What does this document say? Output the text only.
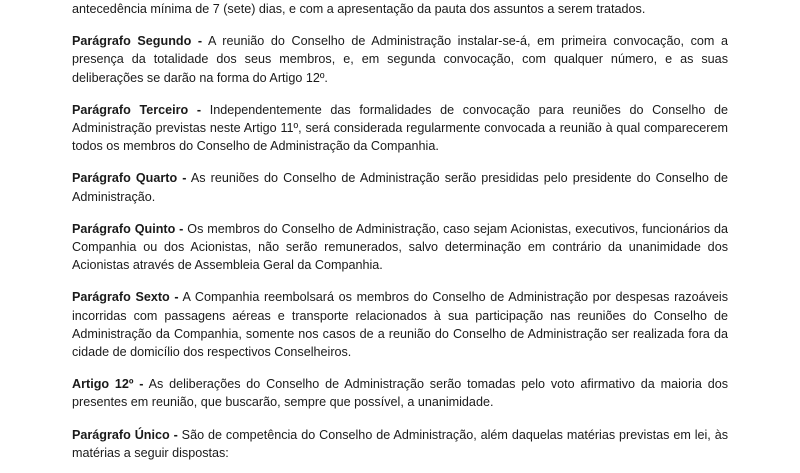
antecedência mínima de 7 (sete) dias, e com a apresentação da pauta dos assuntos a serem tratados.

Parágrafo Segundo - A reunião do Conselho de Administração instalar-se-á, em primeira convocação, com a presença da totalidade dos seus membros, e, em segunda convocação, com qualquer número, e as suas deliberações se darão na forma do Artigo 12º.

Parágrafo Terceiro - Independentemente das formalidades de convocação para reuniões do Conselho de Administração previstas neste Artigo 11º, será considerada regularmente convocada a reunião à qual comparecerem todos os membros do Conselho de Administração da Companhia.

Parágrafo Quarto - As reuniões do Conselho de Administração serão presididas pelo presidente do Conselho de Administração.

Parágrafo Quinto - Os membros do Conselho de Administração, caso sejam Acionistas, executivos, funcionários da Companhia ou dos Acionistas, não serão remunerados, salvo determinação em contrário da unanimidade dos Acionistas através de Assembleia Geral da Companhia.

Parágrafo Sexto - A Companhia reembolsará os membros do Conselho de Administração por despesas razoáveis incorridas com passagens aéreas e transporte relacionados à sua participação nas reuniões do Conselho de Administração da Companhia, somente nos casos de a reunião do Conselho de Administração ser realizada fora da cidade de domicílio dos respectivos Conselheiros.

Artigo 12º - As deliberações do Conselho de Administração serão tomadas pelo voto afirmativo da maioria dos presentes em reunião, que buscarão, sempre que possível, a unanimidade.

Parágrafo Único - São de competência do Conselho de Administração, além daquelas matérias previstas em lei, às matérias a seguir dispostas:
